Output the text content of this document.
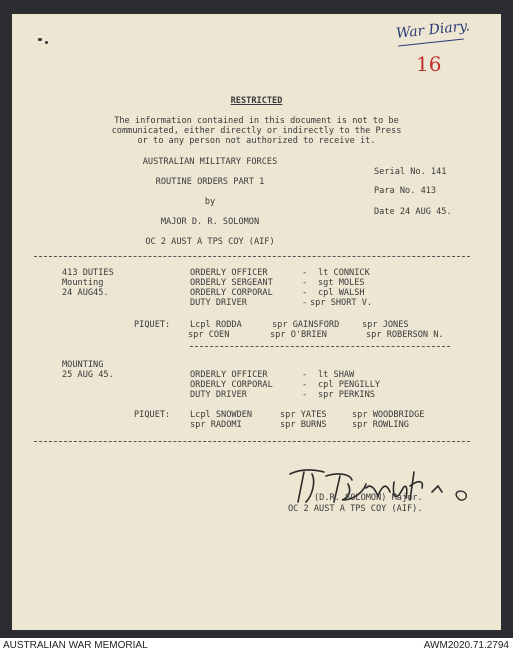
War Diary.
16
RESTRICTED
The information contained in this document is not to be
communicated, either directly or indirectly to the Press
or to any person not authorized to receive it.
AUSTRALIAN MILITARY FORCES
ROUTINE ORDERS PART 1
by
MAJOR D. R. SOLOMON
OC 2 AUST A TPS COY (AIF)
Serial No. 141
Para No. 413
Date 24 AUG 45.
413 DUTIES
Mounting
24 AUG45.
ORDERLY OFFICER	- lt CONNICK
ORDERLY SERGEANT	- sgt MOLES
ORDERLY CORPORAL	- cpl WALSH
DUTY DRIVER	- spr SHORT V.
PIQUET: Lcpl RODDA	spr GAINSFORD	spr JONES
spr COEN	spr O'BRIEN	spr ROBERSON N.
MOUNTING
25 AUG 45.	ORDERLY OFFICER	- lt SHAW
ORDERLY CORPORAL	- cpl PENGILLY
DUTY DRIVER	- spr PERKINS
PIQUET: Lcpl SNOWDEN	spr YATES	spr WOODBRIDGE
spr RADOMI	spr BURNS	spr ROWLING
(D.R. SOLOMON) Major.
OC 2 AUST A TPS COY (AIF).
AUSTRALIAN WAR MEMORIAL	AWM2020.71.2794
